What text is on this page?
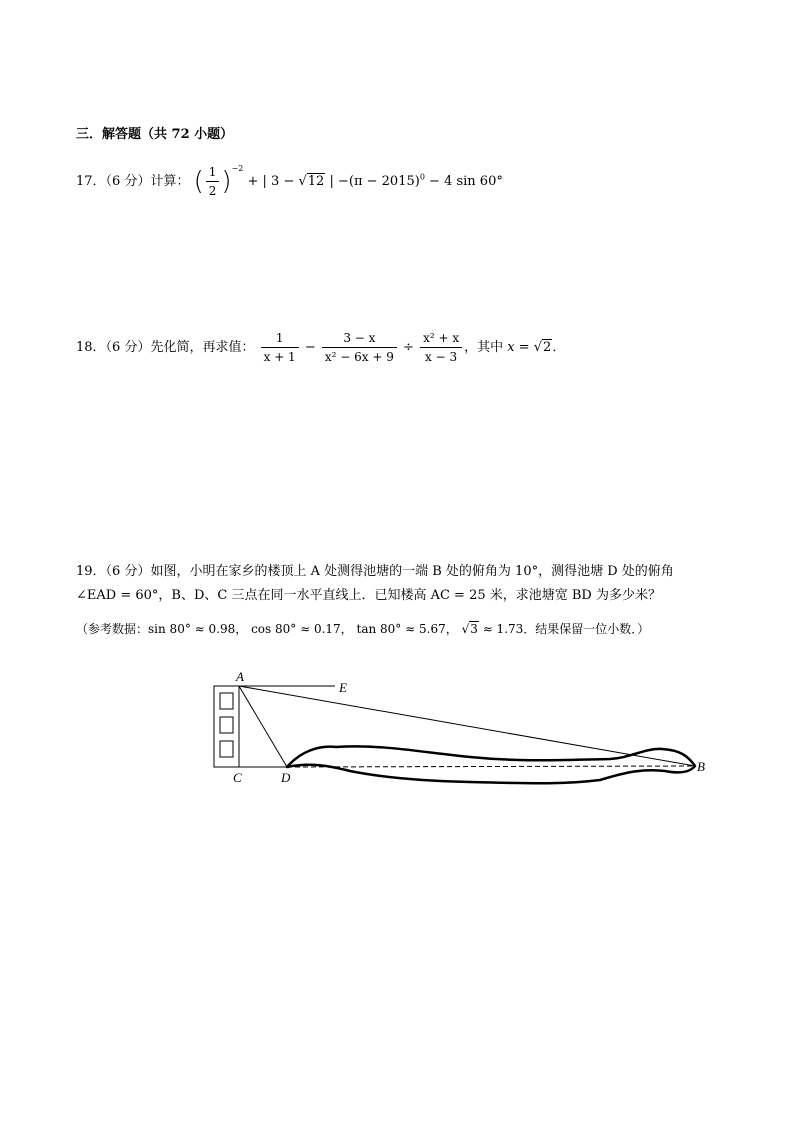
三．解答题（共 72 小题）
17．（6 分）计算： ( $\frac{1}{2} )^{-2}$ + | 3 − √12 | $-(\pi - 2015)^0 - 4$ sin 60°
18．（6 分）先化简，再求值： $\frac{1}{x + 1} - \frac{3 - x}{\text{x² − 6x + 9}} \div \frac{\text{x² + x}}{x - 3}$ ，其中 x = √2．
19．（6 分）如图，小明在家乡的楼顶上 A 处测得池塘的一端 B 处的俯角为 10°，测得池塘 D 处的俯角
∠EAD = 60°，B、D、C 三点在同一水平直线上．已知楼高 AC = 25 米，求池塘宽 BD 为多少米？
（参考数据：sin 80° ≈ 0.98， cos 80° ≈ 0.17， tan 80° ≈ 5.67， √3 ≈ 1.73．结果保留一位小数．）
A
E
B
C	D
